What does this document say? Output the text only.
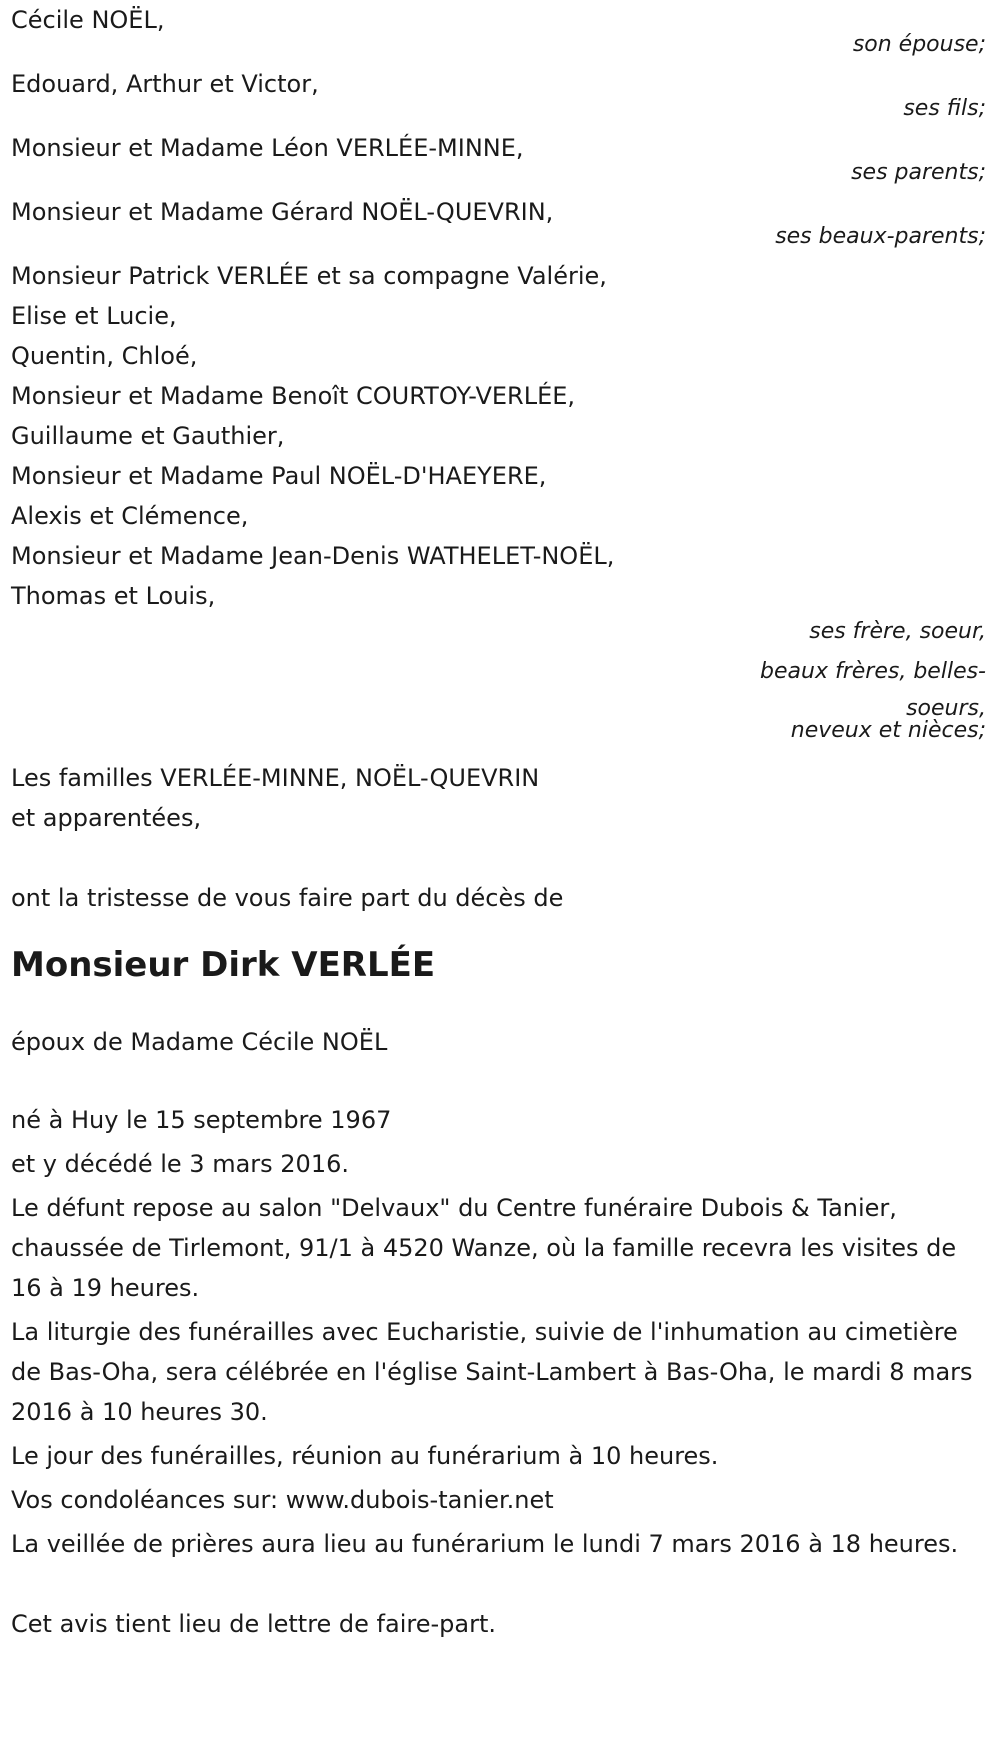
Cécile NOËL,

son épouse;

Edouard, Arthur et Victor,

ses fils;

Monsieur et Madame Léon VERLÉE-MINNE,

ses parents;

Monsieur et Madame Gérard NOËL-QUEVRIN,

ses beaux-parents;

Monsieur Patrick VERLÉE et sa compagne Valérie,

Elise et Lucie,

Quentin, Chloé,

Monsieur et Madame Benoît COURTOY-VERLÉE,

Guillaume et Gauthier,

Monsieur et Madame Paul NOËL-D'HAEYERE,

Alexis et Clémence,

Monsieur et Madame Jean-Denis WATHELET-NOËL,

Thomas et Louis,

ses frère, soeur,
beaux frères, belles-
soeurs,
neveux et nièces;

Les familles VERLÉE-MINNE, NOËL-QUEVRIN

et apparentées,

ont la tristesse de vous faire part du décès de

Monsieur Dirk VERLÉE

époux de Madame Cécile NOËL

né à Huy le 15 septembre 1967

et y décédé le 3 mars 2016.

Le défunt repose au salon "Delvaux" du Centre funéraire Dubois & Tanier, chaussée de Tirlemont, 91/1 à 4520 Wanze, où la famille recevra les visites de 16 à 19 heures.

La liturgie des funérailles avec Eucharistie, suivie de l'inhumation au cimetière de Bas-Oha, sera célébrée en l'église Saint-Lambert à Bas-Oha, le mardi 8 mars 2016 à 10 heures 30.

Le jour des funérailles, réunion au funérarium à 10 heures.

Vos condoléances sur: www.dubois-tanier.net

La veillée de prières aura lieu au funérarium le lundi 7 mars 2016 à 18 heures.

Cet avis tient lieu de lettre de faire-part.
